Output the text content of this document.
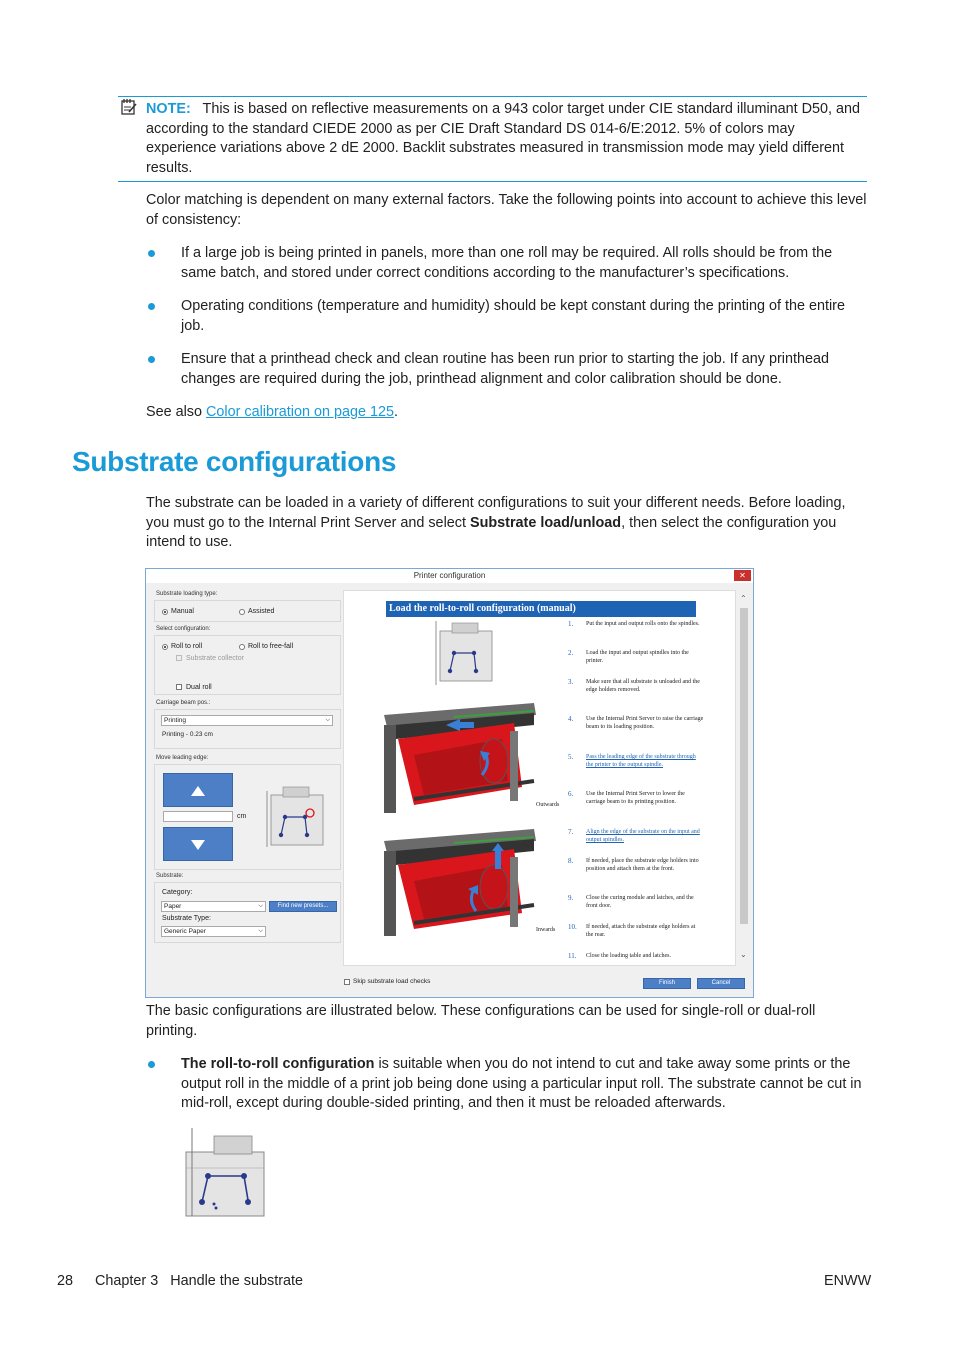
NOTE: This is based on reflective measurements on a 943 color target under CIE standard illuminant D50, and according to the standard CIEDE 2000 as per CIE Draft Standard DS 014-6/E:2012. 5% of colors may experience variations above 2 dE 2000. Backlit substrates measured in transmission mode may yield different results.
Color matching is dependent on many external factors. Take the following points into account to achieve this level of consistency:
If a large job is being printed in panels, more than one roll may be required. All rolls should be from the same batch, and stored under correct conditions according to the manufacturer’s specifications.
Operating conditions (temperature and humidity) should be kept constant during the printing of the entire job.
Ensure that a printhead check and clean routine has been run prior to starting the job. If any printhead changes are required during the job, printhead alignment and color calibration should be done.
See also Color calibration on page 125.
Substrate configurations
The substrate can be loaded in a variety of different configurations to suit your different needs. Before loading, you must go to the Internal Print Server and select Substrate load/unload, then select the configuration you intend to use.
Printer configuration	✕
Substrate loading type:
Manual	Assisted
Select configuration:
Roll to roll	Roll to free-fall
Substrate collector
Dual roll
Carriage beam pos.:
Printing	⌵
Printing - 0.23 cm
Move leading edge:
cm
Substrate:
Category:
Paper	⌵	Find new presets...
Substrate Type:
Generic Paper	⌵
Load the roll-to-roll configuration (manual)
Outwards
Inwards
1. Put the input and output rolls onto the spindles.
2. Load the input and output spindles into the printer.
3. Make sure that all substrate is unloaded and the edge holders removed.
4. Use the Internal Print Server to raise the carriage beam to its loading position.
5. Pass the leading edge of the substrate through the printer to the output spindle.
6. Use the Internal Print Server to lower the carriage beam to its printing position.
7. Align the edge of the substrate on the input and output spindles.
8. If needed, place the substrate edge holders into position and attach them at the front.
9. Close the curing module and latches, and the front door.
10. If needed, attach the substrate edge holders at the rear.
11. Close the loading table and latches.
⌃
⌄
Skip substrate load checks	Finish	Cancel
The basic configurations are illustrated below. These configurations can be used for single-roll or dual-roll printing.
The roll-to-roll configuration is suitable when you do not intend to cut and take away some prints or the output roll in the middle of a print job being done using a particular input roll. The substrate cannot be cut in mid-roll, except during double-sided printing, and then it must be reloaded afterwards.
28 Chapter 3   Handle the substrate	ENWW
